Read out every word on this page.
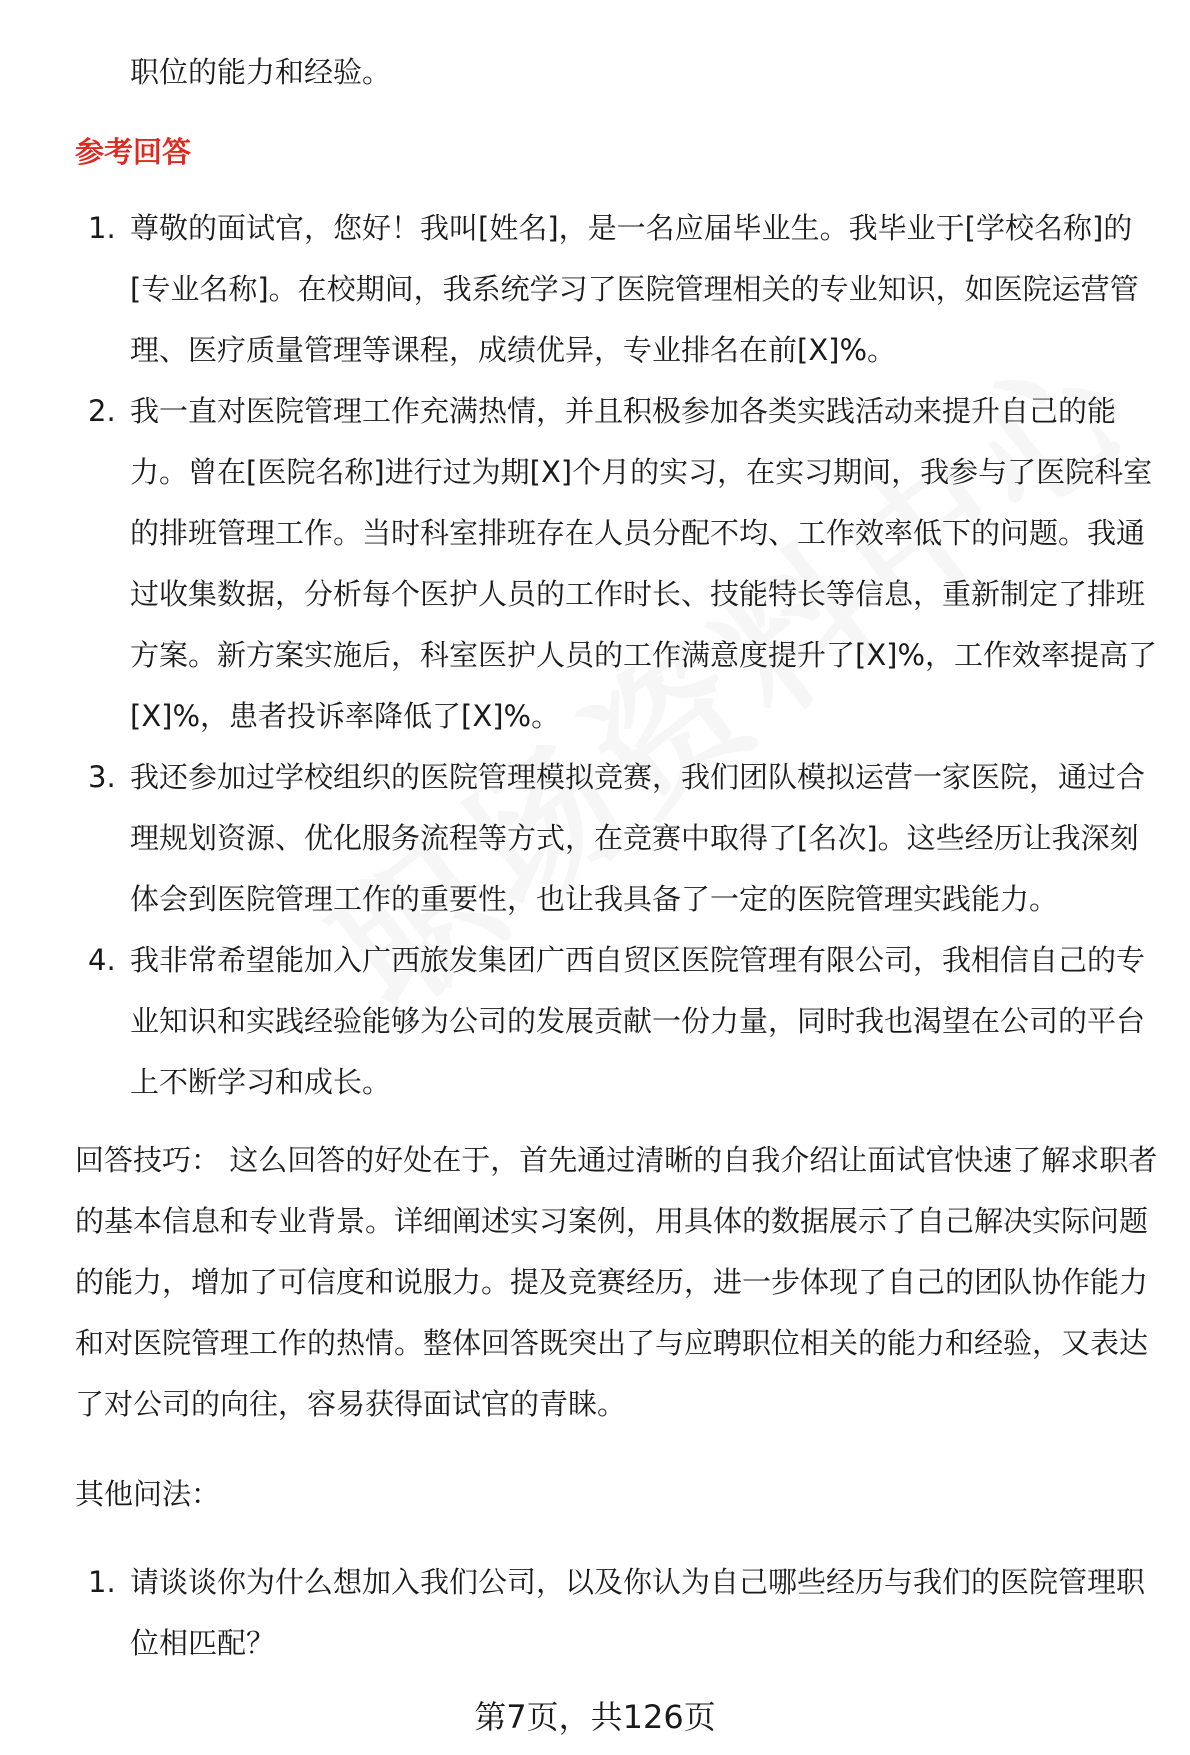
职位的能力和经验。

参考回答
1. 尊敬的面试官，您好！我叫[姓名]，是一名应届毕业生。我毕业于[学校名称]的[专业名称]。在校期间，我系统学习了医院管理相关的专业知识，如医院运营管理、医疗质量管理等课程，成绩优异，专业排名在前[X]%。
2. 我一直对医院管理工作充满热情，并且积极参加各类实践活动来提升自己的能力。曾在[医院名称]进行过为期[X]个月的实习，在实习期间，我参与了医院科室的排班管理工作。当时科室排班存在人员分配不均、工作效率低下的问题。我通过收集数据，分析每个医护人员的工作时长、技能特长等信息，重新制定了排班方案。新方案实施后，科室医护人员的工作满意度提升了[X]%，工作效率提高了[X]%，患者投诉率降低了[X]%。
3. 我还参加过学校组织的医院管理模拟竞赛，我们团队模拟运营一家医院，通过合理规划资源、优化服务流程等方式，在竞赛中取得了[名次]。这些经历让我深刻体会到医院管理工作的重要性，也让我具备了一定的医院管理实践能力。
4. 我非常希望能加入广西旅发集团广西自贸区医院管理有限公司，我相信自己的专业知识和实践经验能够为公司的发展贡献一份力量，同时我也渴望在公司的平台上不断学习和成长。

回答技巧： 这么回答的好处在于，首先通过清晰的自我介绍让面试官快速了解求职者的基本信息和专业背景。详细阐述实习案例，用具体的数据展示了自己解决实际问题的能力，增加了可信度和说服力。提及竞赛经历，进一步体现了自己的团队协作能力和对医院管理工作的热情。整体回答既突出了与应聘职位相关的能力和经验，又表达了对公司的向往，容易获得面试官的青睐。

其他问法：

1. 请谈谈你为什么想加入我们公司，以及你认为自己哪些经历与我们的医院管理职位相匹配？
第7页，共126页
